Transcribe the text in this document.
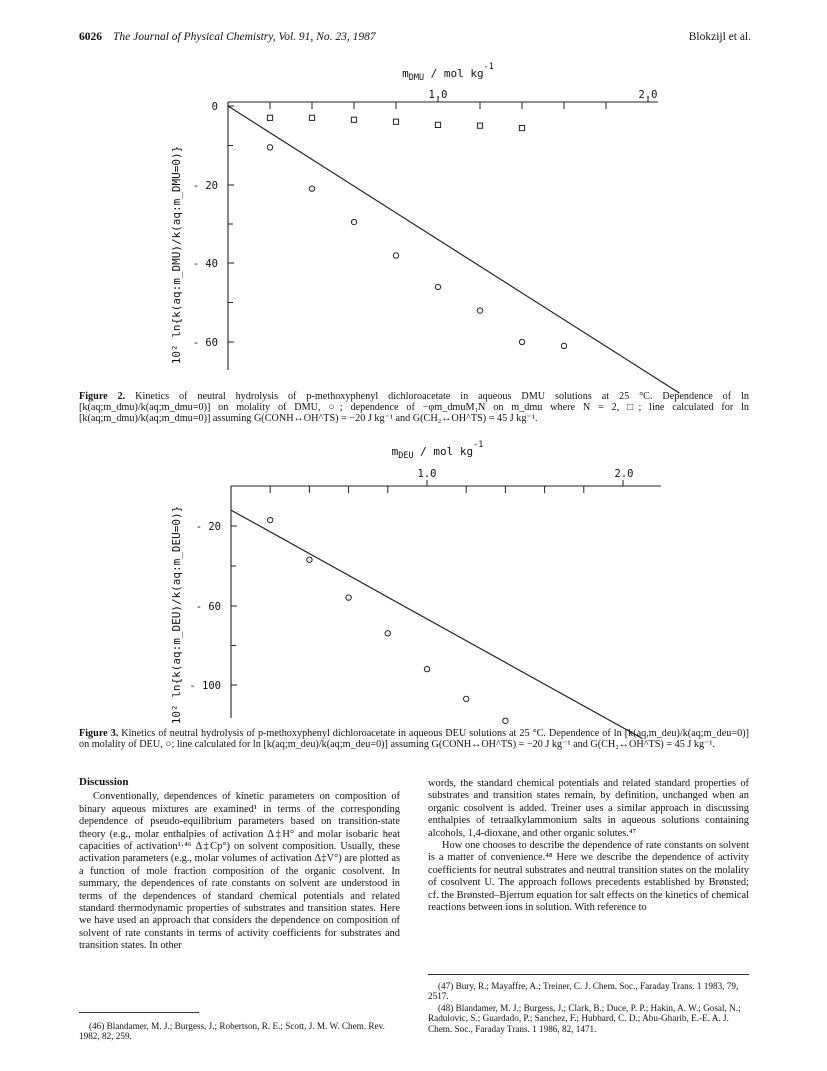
6026 The Journal of Physical Chemistry, Vol. 91, No. 23, 1987	Blokzijl et al.
1.0	2.0
0
- 20
- 40
- 60
$m_{DMU}$ / mol $kg^{-1}$
10² ln{k(aq:m_DMU)/k(aq:m_DMU=0)}
Figure 2. Kinetics of neutral hydrolysis of p-methoxyphenyl dichloroacetate in aqueous DMU solutions at 25 °C. Dependence of ln [k(aq;m_dmu)/k(aq;m_dmu=0)] on molality of DMU, ○; dependence of −φm_dmuM₁N on m_dmu where N = 2, □; line calculated for ln [k(aq;m_dmu)/k(aq;m_dmu=0)] assuming G(CONH↔OH^TS) = −20 J kg⁻¹ and G(CH₂↔OH^TS) = 45 J kg⁻¹.
1.0	2.0
- 20
- 60
- 100
$m_{DEU}$ / mol $kg^{-1}$
10² ln{k(aq:m_DEU)/k(aq:m_DEU=0)}
Figure 3. Kinetics of neutral hydrolysis of p-methoxyphenyl dichloroacetate in aqueous DEU solutions at 25 °C. Dependence of ln [k(aq,m_deu)/k(aq;m_deu=0)] on molality of DEU, ○; line calculated for ln [k(aq;m_deu)/k(aq;m_deu=0)] assuming G(CONH↔OH^TS) = −20 J kg⁻¹ and G(CH₂↔OH^TS) = 45 J kg⁻¹.
Discussion

Conventionally, dependences of kinetic parameters on composition of binary aqueous mixtures are examined¹ in terms of the corresponding dependence of pseudo-equilibrium parameters based on transition-state theory (e.g., molar enthalpies of activation Δ‡H° and molar isobaric heat capacities of activation¹·⁴⁶ Δ‡Cp°) on solvent composition. Usually, these activation parameters (e.g., molar volumes of activation Δ‡V°) are plotted as a function of mole fraction composition of the organic cosolvent. In summary, the dependences of rate constants on solvent are understood in terms of the dependences of standard chemical potentials and related standard thermodynamic properties of substrates and transition states. Here we have used an approach that considers the dependence on composition of solvent of rate constants in terms of activity coefficients for substrates and transition states. In other

(46) Blandamer, M. J.; Burgess, J.; Robertson, R. E.; Scott, J. M. W. Chem. Rev. 1982, 82, 259.

words, the standard chemical potentials and related standard properties of substrates and transition states remain, by definition, unchanged when an organic cosolvent is added. Treiner uses a similar approach in discussing enthalpies of tetraalkylammonium salts in aqueous solutions containing alcohols, 1,4-dioxane, and other organic solutes.⁴⁷

How one chooses to describe the dependence of rate constants on solvent is a matter of convenience.⁴⁸ Here we describe the dependence of activity coefficients for neutral substrates and neutral transition states on the molality of cosolvent U. The approach follows precedents established by Brønsted; cf. the Brønsted–Bjerrum equation for salt effects on the kinetics of chemical reactions between ions in solution. With reference to

(47) Bury, R.; Mayaffre, A.; Treiner, C. J. Chem. Soc., Faraday Trans. 1 1983, 79, 2517.

(48) Blandamer, M. J.; Burgess, J.; Clark, B.; Duce, P. P.; Hakin, A. W.; Gosal, N.; Radulovic, S.; Guardado, P.; Sanchez, F.; Hubbard, C. D.; Abu-Gharib, E.-E. A. J. Chem. Soc., Faraday Trans. 1 1986, 82, 1471.
